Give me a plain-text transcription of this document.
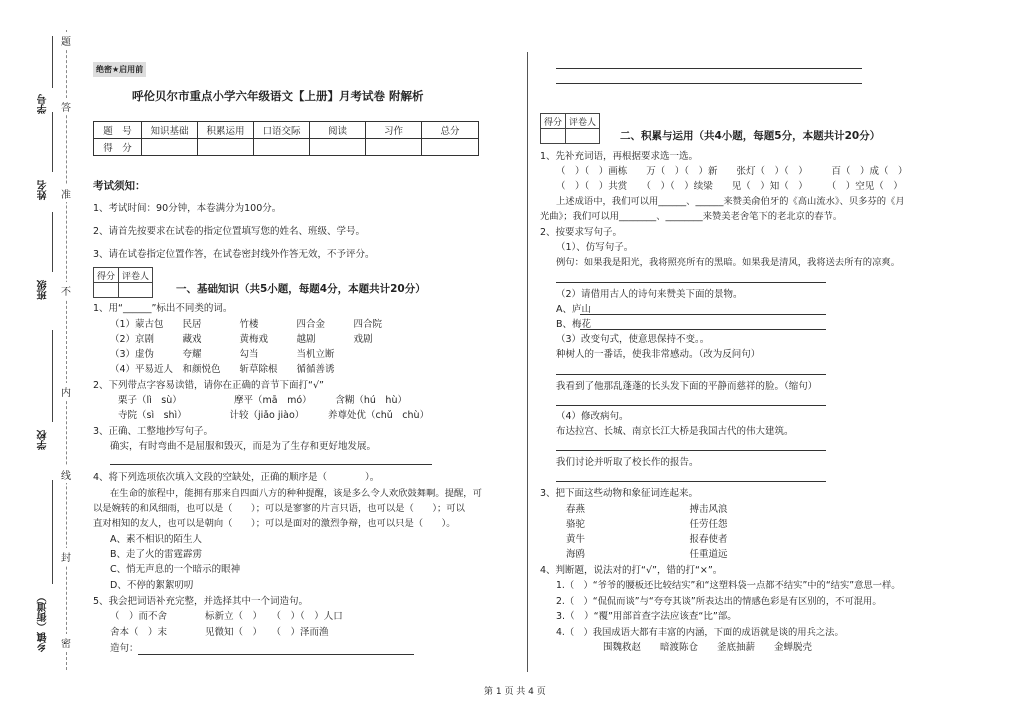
题
答
准
不
内
线
封
密
学号
姓名
班级
学校
乡镇（街道）
绝密★启用前
呼伦贝尔市重点小学六年级语文【上册】月考试卷 附解析
题　号	知识基础	积累运用	口语交际	阅读	习作	总分
得　分						
考试须知：
1、考试时间：90分钟，本卷满分为100分。
2、请首先按要求在试卷的指定位置填写您的姓名、班级、学号。
3、请在试卷指定位置作答，在试卷密封线外作答无效，不予评分。
得分	评卷人

一、基础知识（共5小题，每题4分，本题共计20分）
1、用“______”标出不同类的词。
（1）蒙古包　　民居　　　　竹楼　　　　四合金　　　四合院
（2）京剧　　　藏戏　　　　黄梅戏　　　越剧　　　　戏剧
（3）虚伪　　　夸耀　　　　勾当　　　　当机立断
（4）平易近人　和颜悦色　　斩草除根　　循循善诱
2、下列带点字容易读错，请你在正确的音节下面打“√”
栗子（lì　sù）　　　　　　摩平（mā　mó）　　　含糊（hú　hù）
寺院（sì　shì）　　　　　计较（jiǎo jiào）　　　养尊处优（chǔ　chù）
3、正确、工整地抄写句子。
确实，有时弯曲不是屈服和毁灭，而是为了生存和更好地发展。
4、将下列选项依次填入文段的空缺处，正确的顺序是（　　　　）。
在生命的旅程中，能拥有那来自四面八方的种种提醒，该是多么令人欢欣鼓舞啊。提醒，可
以是婉转的和风细雨，也可以是（　　）；可以是寥寥的片言只语，也可以是（　　）；可以
直对相知的友人，也可以是朝向（　　）；可以是面对的激烈争辩，也可以只是（　　）。
A、素不相识的陌生人
B、走了火的雷霆霹雳
C、悄无声息的一个暗示的眼神
D、不停的絮絮叨叨
5、我会把词语补充完整，并选择其中一个词造句。
（　）而不舍　　　　标新立（　）　　（　）（　）人口
舍本（　）末　　　　见微知（　）　　（　）泽而渔
造句：
得分	评卷人

二、积累与运用（共4小题，每题5分，本题共计20分）
1、先补充词语，再根据要求选一选。
（　）（　）画栋　　万（　）（　）新　　张灯（　）（　）　　　百（　）成（　）
（　）（　）共赏　　（　）（　）续梁　　见（　）知（　）　　　（　）空见（　）
上述成语中，我们可以用______、______来赞美俞伯牙的《高山流水》、贝多芬的《月
光曲》；我们可以用________、________来赞美老舍笔下的老北京的春节。
2、按要求写句子。
（1）、仿写句子。
例句：如果我是阳光，我将照亮所有的黑暗。如果我是清风，我将送去所有的凉爽。
（2）请借用古人的诗句来赞美下面的景物。
A、庐山
B、梅花
（3）改变句式，使意思保持不变。。
种树人的一番话，使我非常感动。（改为反问句）
我看到了他那乱蓬蓬的长头发下面的平静而慈祥的脸。（缩句）
（4）修改病句。
布达拉宫、长城、南京长江大桥是我国古代的伟大建筑。
我们讨论并听取了校长作的报告。
3、把下面这些动物和象征词连起来。
春燕　　　　　　　　　　　搏击风浪
骆驼　　　　　　　　　　　任劳任怨
黄牛　　　　　　　　　　　报春使者
海鸥　　　　　　　　　　　任重道远
4、判断题，说法对的打“√”，错的打“×”。
1.（　）“爷爷的腰板还比较结实”和“这塑料袋一点都不结实”中的“结实”意思一样。
2.（　）“侃侃而谈”与“夸夸其谈”所表达出的情感色彩是有区别的，不可混用。
3.（　）“覆”用部首查字法应该查“比”部。
4.（　）我国成语大都有丰富的内涵，下面的成语就是谈的用兵之法。
围魏救赵　　暗渡陈仓　　釜底抽薪　　金蝉脱壳
第 1 页 共 4 页
